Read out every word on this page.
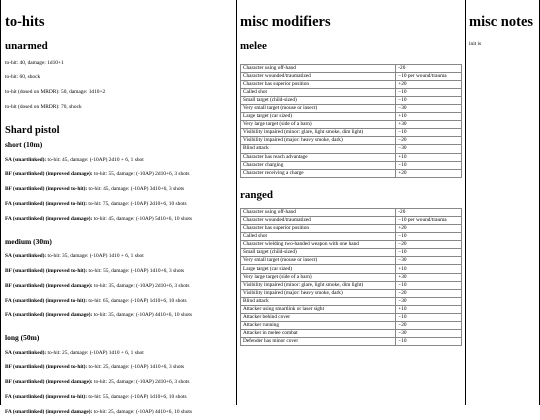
to-hits
unarmed

to-hit: 40, damage: 1d10+1

to-hit: 60, shock

to-hit (dosed on MRDR): 50, damage: 1d10+2

to-hit (dosed on MRDR): 70, shock

Shard pistol
short (10m)

SA (smartlinked): to-hit: 45, damage: (-10AP) 2d10 + 6, 1 shot

BF (smartlinked) (improved damage): to-hit: 55, damage: (-10AP) 2d10+6, 3 shots

BF (smartlinked) (improved to-hit): to-hit: 45, damage: (-10AP) 3d10+6, 3 shots

FA (smartlinked) (improved to-hit): to-hit: 75, damage: (-10AP) 2d10+6, 10 shots

FA (smartlinked) (improved damage): to-hit: 45, damage: (-10AP) 5d10+6, 10 shots

medium (30m)

SA (smartlinked): to-hit: 35, damage: (-10AP) 1d10 + 6, 1 shot

BF (smartlinked) (improved to-hit): to-hit: 55, damage: (-10AP) 1d10+6, 3 shots

BF (smartlinked) (improved damage): to-hit: 35, damage: (-10AP) 2d10+6, 3 shots

FA (smartlinked) (improved to-hit): to-hit: 65, damage: (-10AP) 1d10+6, 10 shots

FA (smartlinked) (improved damage): to-hit: 35, damage: (-10AP) 4d10+6, 10 shots

long (50m)

SA (smartlinked): to-hit: 25, damage: (-10AP) 1d10 + 6, 1 shot

BF (smartlinked) (improved to-hit): to-hit: 25, damage: (-10AP) 1d10+6, 3 shots

BF (smartlinked) (improved damage): to-hit: 25, damage: (-10AP) 2d10+6, 3 shots

FA (smartlinked) (improved to-hit): to-hit: 55, damage: (-10AP) 1d10+6, 10 shots

FA (smartlinked) (improved damage): to-hit: 25, damage: (-10AP) 4d10+6, 10 shots

misc modifiers
melee
Character using off-hand	-20
Character wounded/traumatized	−10 per wound/trauma
Character has superior position	+20
Called shot	−10
Small target (child-sized)	−10
Very small target (mouse or insect)	−30
Large target (car sized)	+10
Very large target (side of a barn)	+30
Visibility impaired (minor: glare, light smoke, dim light)	−10
Visibility impaired (major: heavy smoke, dark)	−20
Blind attack	−30
Character has reach advantage	+10
Character charging	−10
Character receiving a charge	+20
ranged
Character using off-hand	-20
Character wounded/traumatized	−10 per wound/trauma
Character has superior position	+20
Called shot	−10
Character wielding two-handed weapon with one hand	−20
Small target (child-sized)	−10
Very small target (mouse or insect)	−30
Large target (car sized)	+10
Very large target (side of a barn)	+30
Visibility impaired (minor: glare, light smoke, dim light)	−10
Visibility impaired (major: heavy smoke, dark)	−20
Blind attack	−30
Attacker using smartlink or laser sight	+10
Attacker behind cover	−10
Attacker running	−20
Attacker in melee combat	−30
Defender has minor cover	−10
misc notes

init is
